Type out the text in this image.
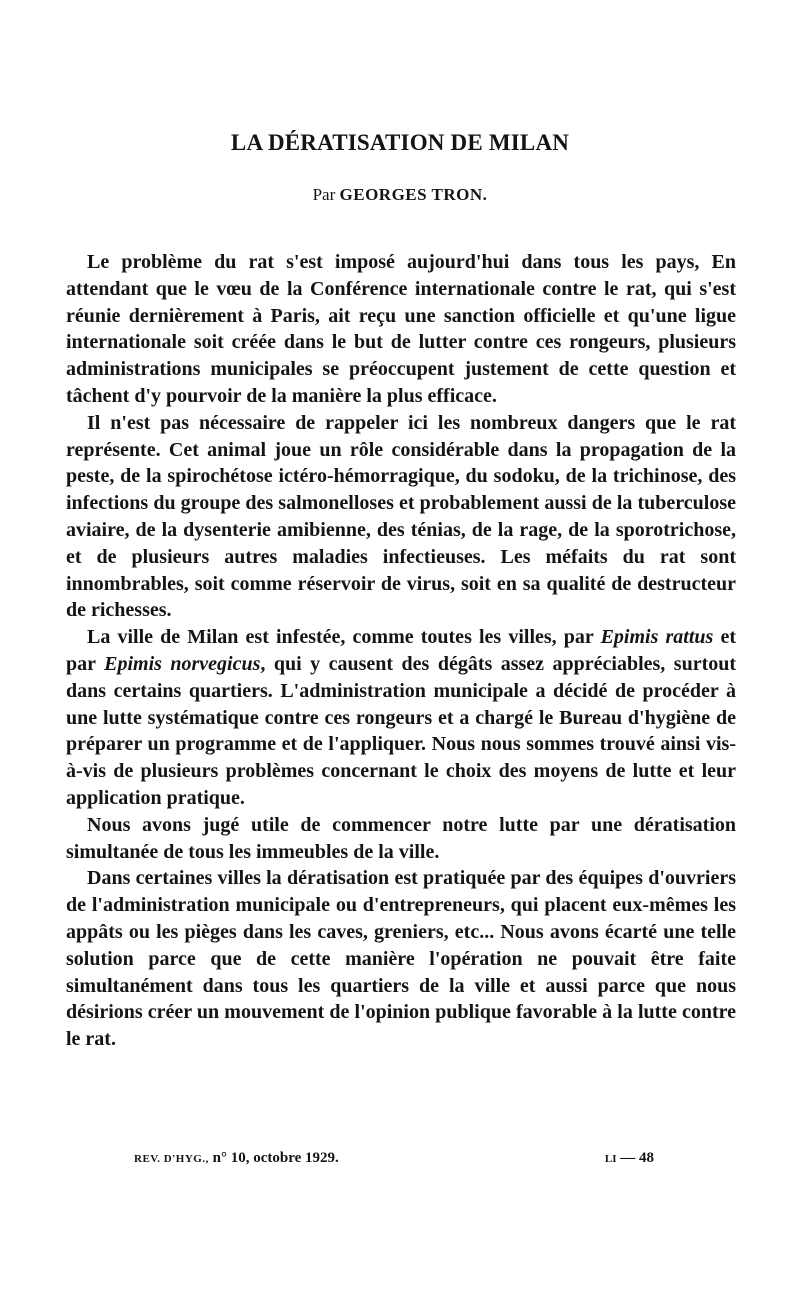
LA DÉRATISATION DE MILAN
Par GEORGES TRON.

Le problème du rat s'est imposé aujourd'hui dans tous les pays, En attendant que le vœu de la Conférence internationale contre le rat, qui s'est réunie dernièrement à Paris, ait reçu une sanction officielle et qu'une ligue internationale soit créée dans le but de lutter contre ces rongeurs, plusieurs administrations municipales se préoccupent justement de cette question et tâchent d'y pourvoir de la manière la plus efficace.

Il n'est pas nécessaire de rappeler ici les nombreux dangers que le rat représente. Cet animal joue un rôle considérable dans la propagation de la peste, de la spirochétose ictéro-hémorragique, du sodoku, de la trichinose, des infections du groupe des salmonelloses et probablement aussi de la tuberculose aviaire, de la dysenterie amibienne, des ténias, de la rage, de la sporotrichose, et de plusieurs autres maladies infectieuses. Les méfaits du rat sont innombrables, soit comme réservoir de virus, soit en sa qualité de destructeur de richesses.

La ville de Milan est infestée, comme toutes les villes, par Epimis rattus et par Epimis norvegicus, qui y causent des dégâts assez appréciables, surtout dans certains quartiers. L'administration municipale a décidé de procéder à une lutte systématique contre ces rongeurs et a chargé le Bureau d'hygiène de préparer un programme et de l'appliquer. Nous nous sommes trouvé ainsi vis-à-vis de plusieurs problèmes concernant le choix des moyens de lutte et leur application pratique.

Nous avons jugé utile de commencer notre lutte par une dératisation simultanée de tous les immeubles de la ville.

Dans certaines villes la dératisation est pratiquée par des équipes d'ouvriers de l'administration municipale ou d'entrepreneurs, qui placent eux-mêmes les appâts ou les pièges dans les caves, greniers, etc... Nous avons écarté une telle solution parce que de cette manière l'opération ne pouvait être faite simultanément dans tous les quartiers de la ville et aussi parce que nous désirions créer un mouvement de l'opinion publique favorable à la lutte contre le rat.

REV. D'HYG., n° 10, octobre 1929.	LI — 48
